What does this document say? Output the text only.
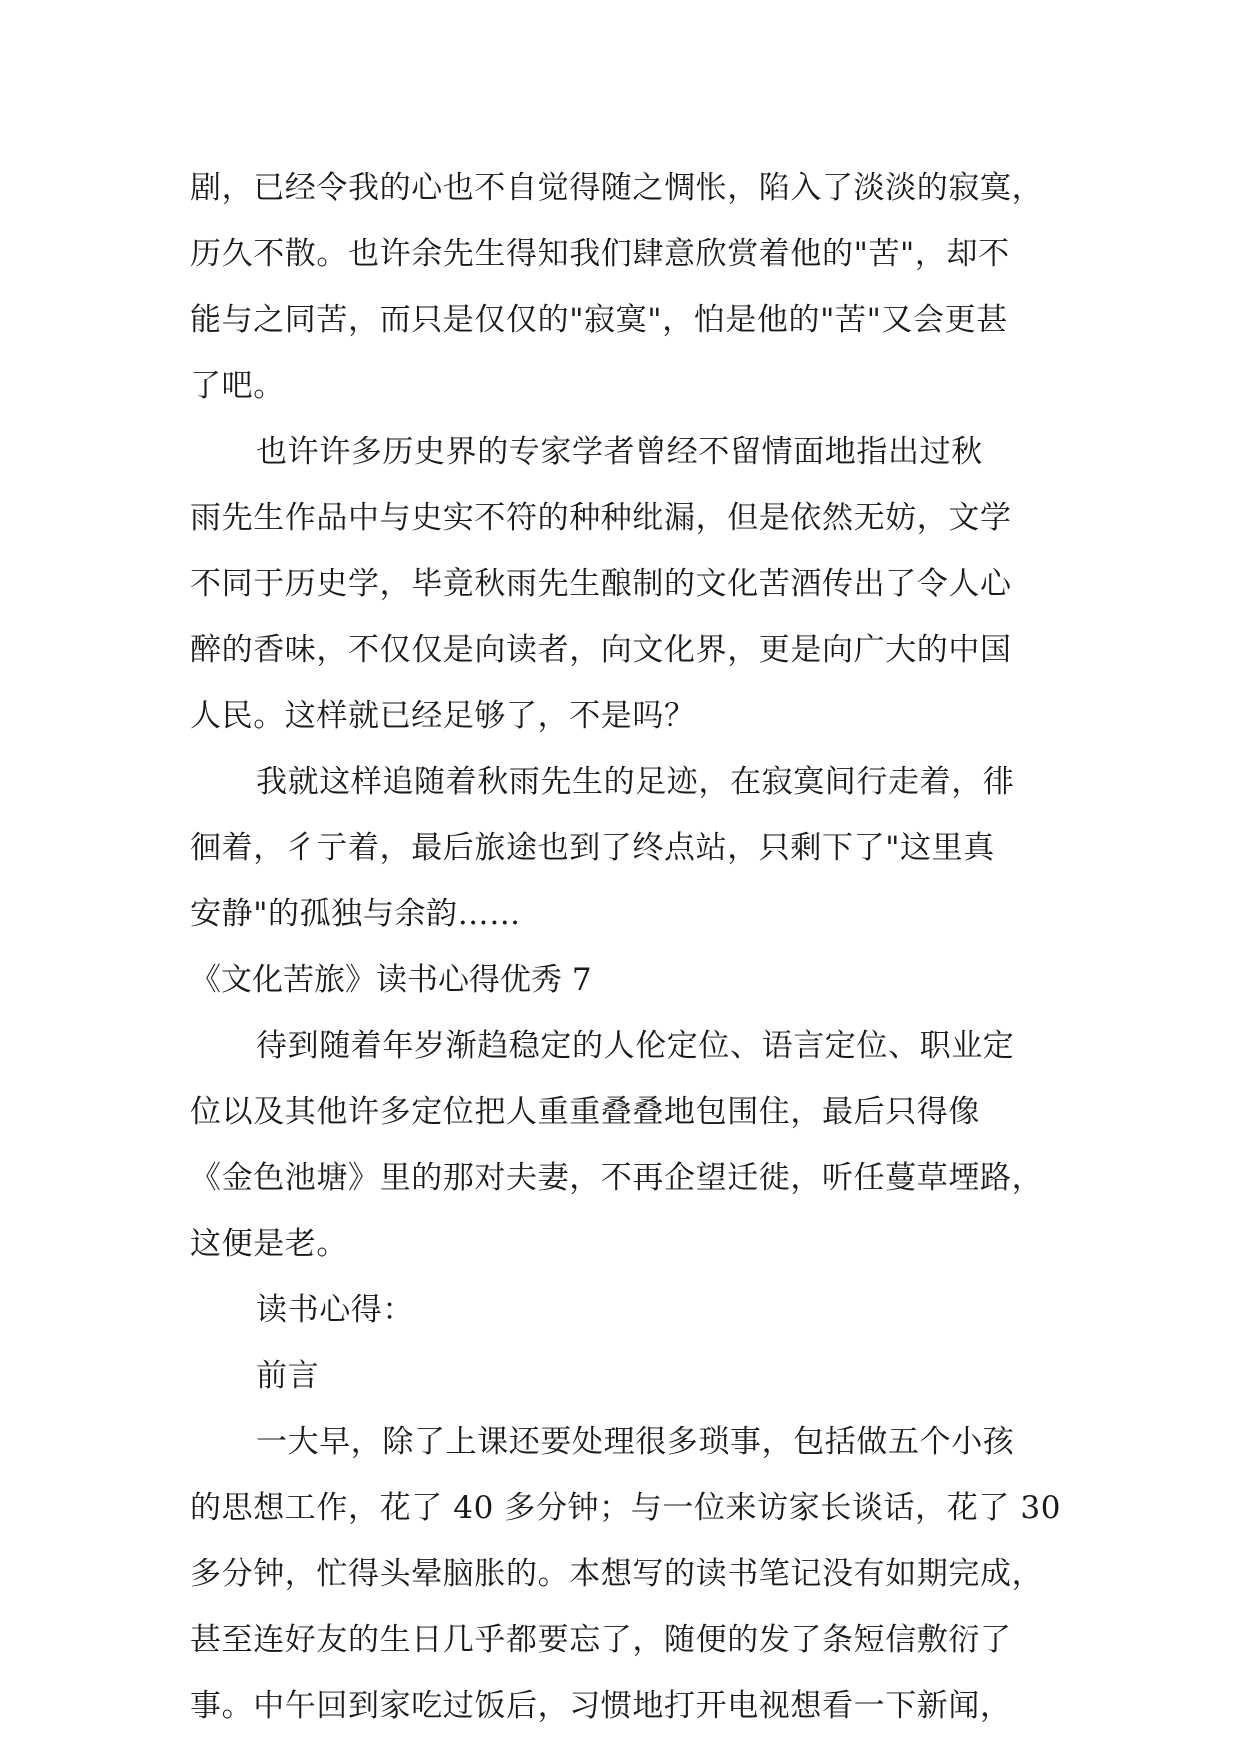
剧，已经令我的心也不自觉得随之惆怅，陷入了淡淡的寂寞，
历久不散。也许余先生得知我们肆意欣赏着他的"苦"，却不
能与之同苦，而只是仅仅的"寂寞"，怕是他的"苦"又会更甚
了吧。
也许许多历史界的专家学者曾经不留情面地指出过秋
雨先生作品中与史实不符的种种纰漏，但是依然无妨，文学
不同于历史学，毕竟秋雨先生酿制的文化苦酒传出了令人心
醉的香味，不仅仅是向读者，向文化界，更是向广大的中国
人民。这样就已经足够了，不是吗？
我就这样追随着秋雨先生的足迹，在寂寞间行走着，徘
徊着，彳亍着，最后旅途也到了终点站，只剩下了"这里真
安静"的孤独与余韵……
《文化苦旅》读书心得优秀 7
待到随着年岁渐趋稳定的人伦定位、语言定位、职业定
位以及其他许多定位把人重重叠叠地包围住，最后只得像
《金色池塘》里的那对夫妻，不再企望迁徙，听任蔓草堙路，
这便是老。
读书心得：
前言
一大早，除了上课还要处理很多琐事，包括做五个小孩
的思想工作，花了 40 多分钟；与一位来访家长谈话，花了 30
多分钟，忙得头晕脑胀的。本想写的读书笔记没有如期完成，
甚至连好友的生日几乎都要忘了，随便的发了条短信敷衍了
事。中午回到家吃过饭后，习惯地打开电视想看一下新闻，
